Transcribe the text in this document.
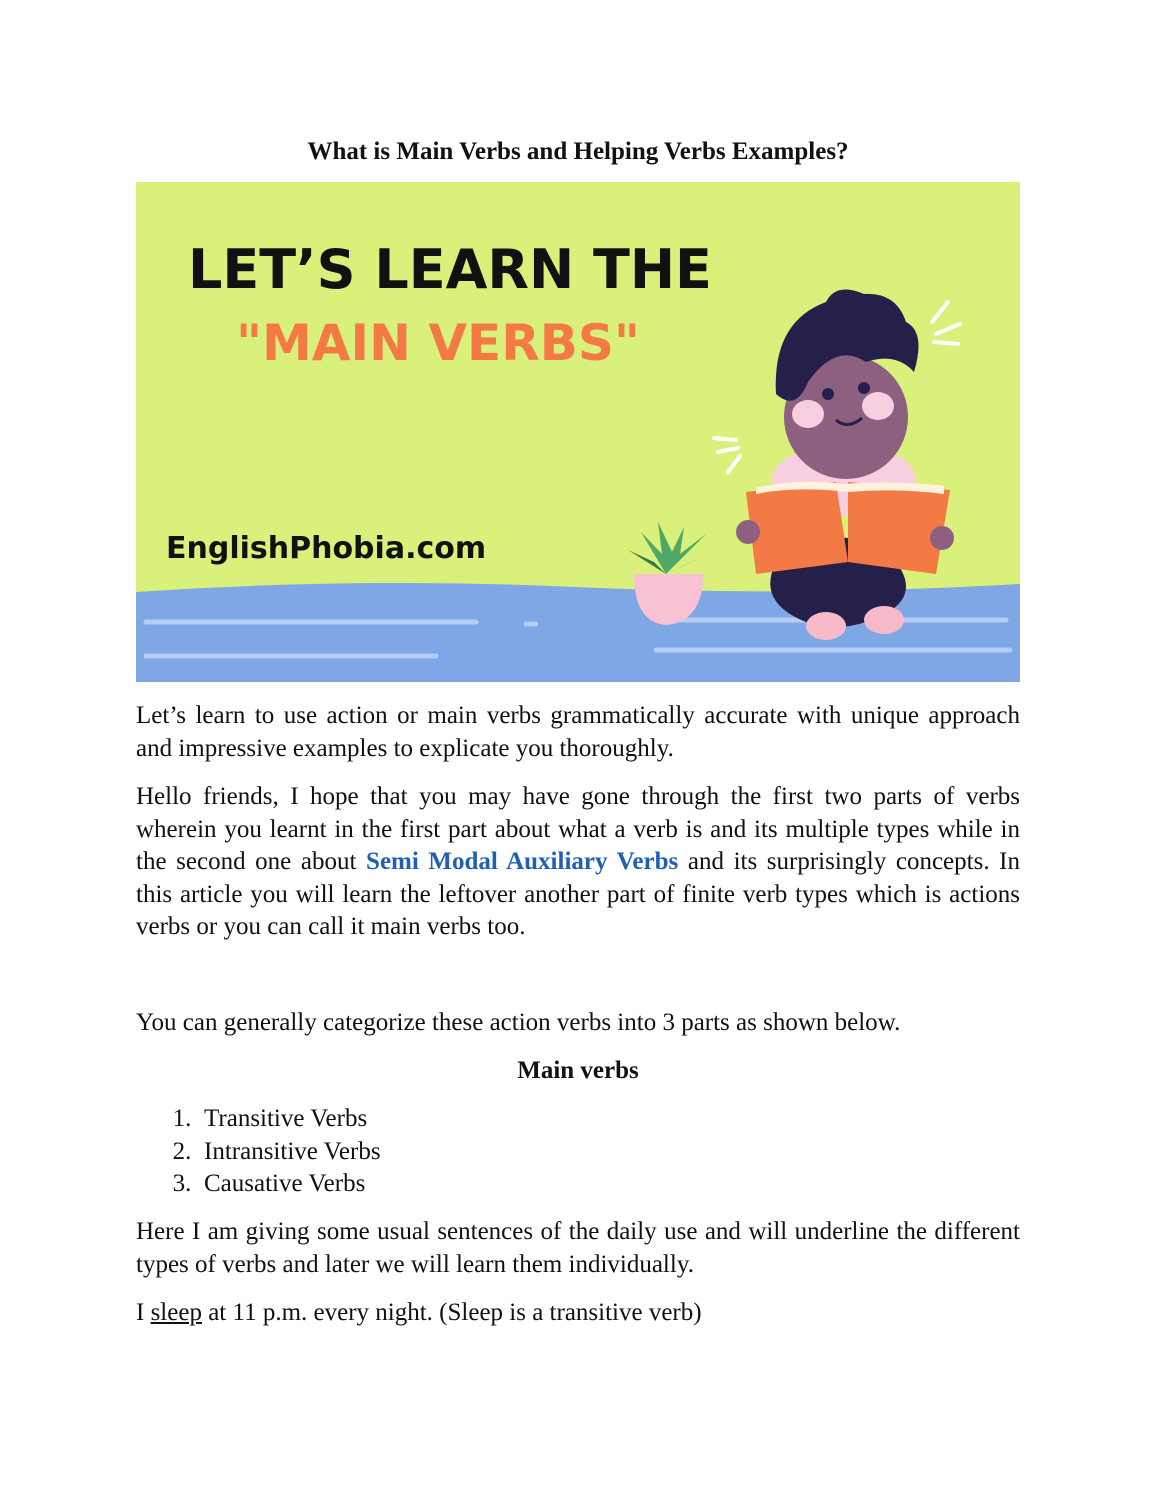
What is Main Verbs and Helping Verbs Examples?
LET’S LEARN THE
"MAIN VERBS"
EnglishPhobia.com

Let’s learn to use action or main verbs grammatically accurate with unique approach and impressive examples to explicate you thoroughly.

Hello friends, I hope that you may have gone through the first two parts of verbs wherein you learnt in the first part about what a verb is and its multiple types while in the second one about Semi Modal Auxiliary Verbs and its surprisingly concepts. In this article you will learn the leftover another part of finite verb types which is actions verbs or you can call it main verbs too.

You can generally categorize these action verbs into 3 parts as shown below.

Main verbs
1. Transitive Verbs
2. Intransitive Verbs
3. Causative Verbs

Here I am giving some usual sentences of the daily use and will underline the different types of verbs and later we will learn them individually.

I sleep at 11 p.m. every night. (Sleep is a transitive verb)
